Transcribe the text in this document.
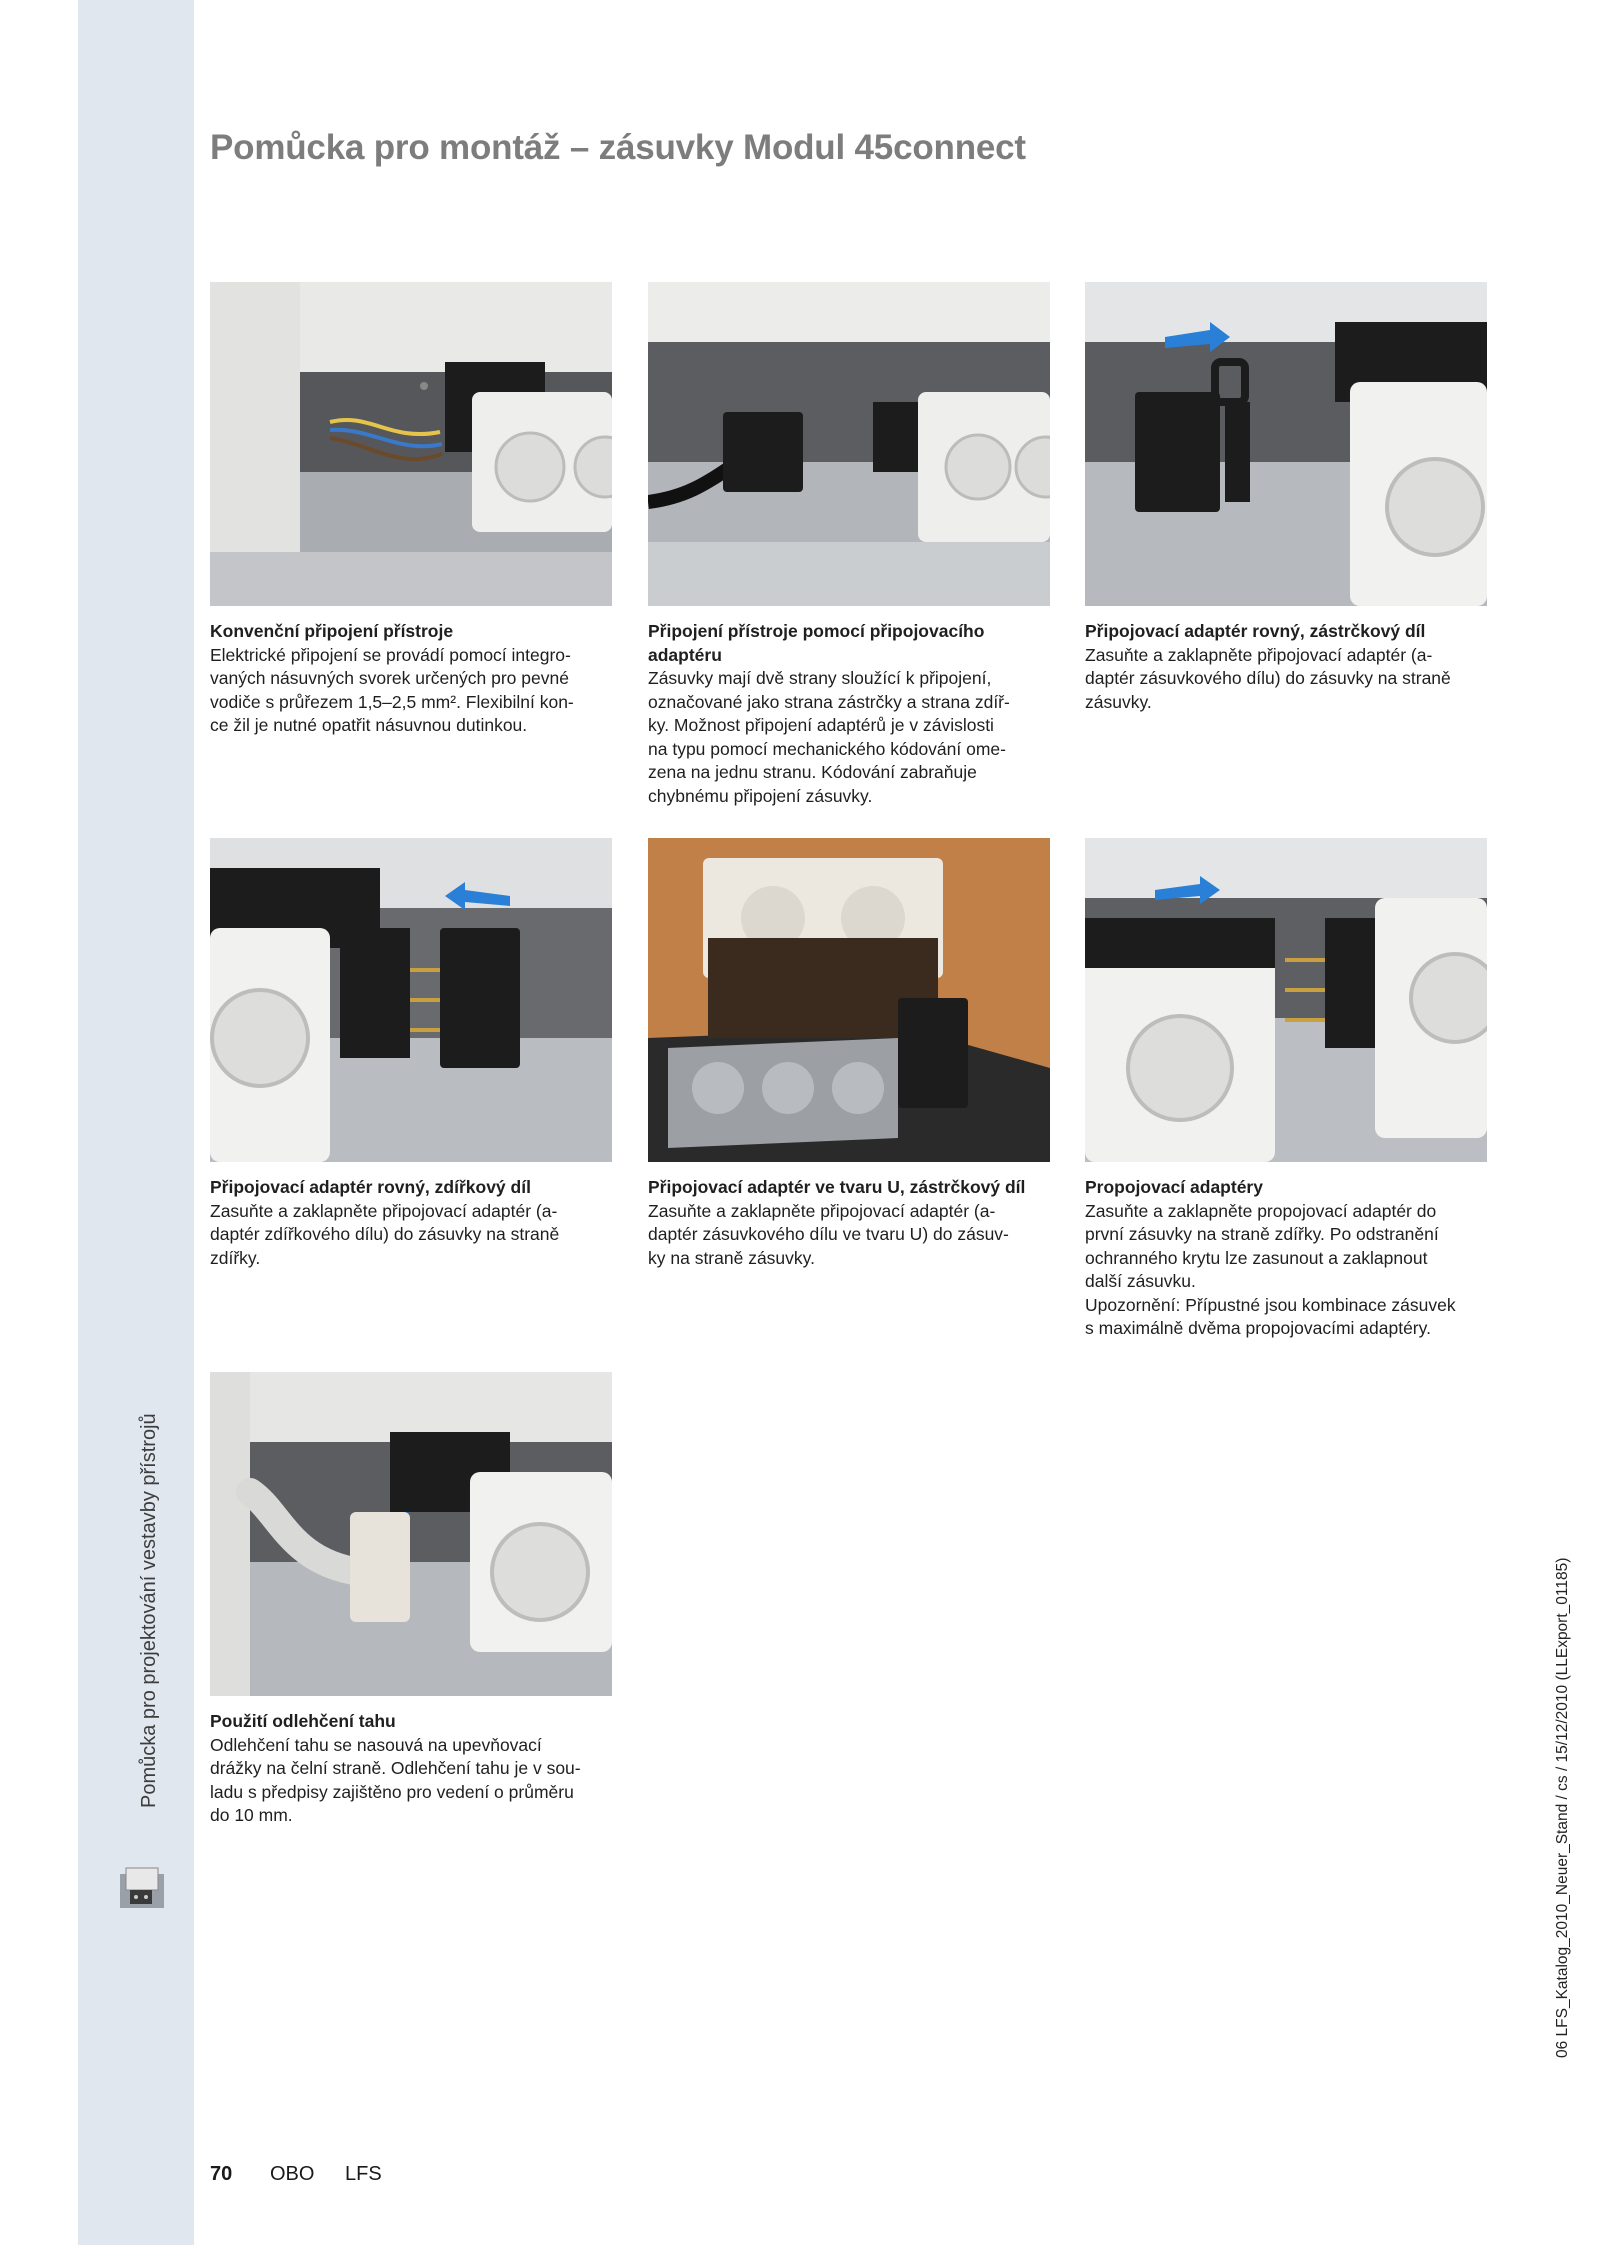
Pomůcka pro projektování vestavby přístrojů
Pomůcka pro montáž – zásuvky Modul 45connect
Konvenční připojení přístroje
Elektrické připojení se provádí pomocí integro-
vaných násuvných svorek určených pro pevné
vodiče s průřezem 1,5–2,5 mm². Flexibilní kon-
ce žil je nutné opatřit násuvnou dutinkou.
Připojení přístroje pomocí připojovacího adaptéru
Zásuvky mají dvě strany sloužící k připojení,
označované jako strana zástrčky a strana zdíř-
ky. Možnost připojení adaptérů je v závislosti
na typu pomocí mechanického kódování ome-
zena na jednu stranu. Kódování zabraňuje
chybnému připojení zásuvky.
Připojovací adaptér rovný, zástrčkový díl
Zasuňte a zaklapněte připojovací adaptér (a-
daptér zásuvkového dílu) do zásuvky na straně
zásuvky.
Připojovací adaptér rovný, zdířkový díl
Zasuňte a zaklapněte připojovací adaptér (a-
daptér zdířkového dílu) do zásuvky na straně
zdířky.
Připojovací adaptér ve tvaru U, zástrčkový díl
Zasuňte a zaklapněte připojovací adaptér (a-
daptér zásuvkového dílu ve tvaru U) do zásuv-
ky na straně zásuvky.
Propojovací adaptéry
Zasuňte a zaklapněte propojovací adaptér do
první zásuvky na straně zdířky. Po odstranění
ochranného krytu lze zasunout a zaklapnout
další zásuvku.
Upozornění: Přípustné jsou kombinace zásuvek
s maximálně dvěma propojovacími adaptéry.
Použití odlehčení tahu
Odlehčení tahu se nasouvá na upevňovací
drážky na čelní straně. Odlehčení tahu je v sou-
ladu s předpisy zajištěno pro vedení o průměru
do 10 mm.
70 OBO LFS
06 LFS_Katalog_2010_Neuer_Stand / cs / 15/12/2010 (LLExport_01185)
